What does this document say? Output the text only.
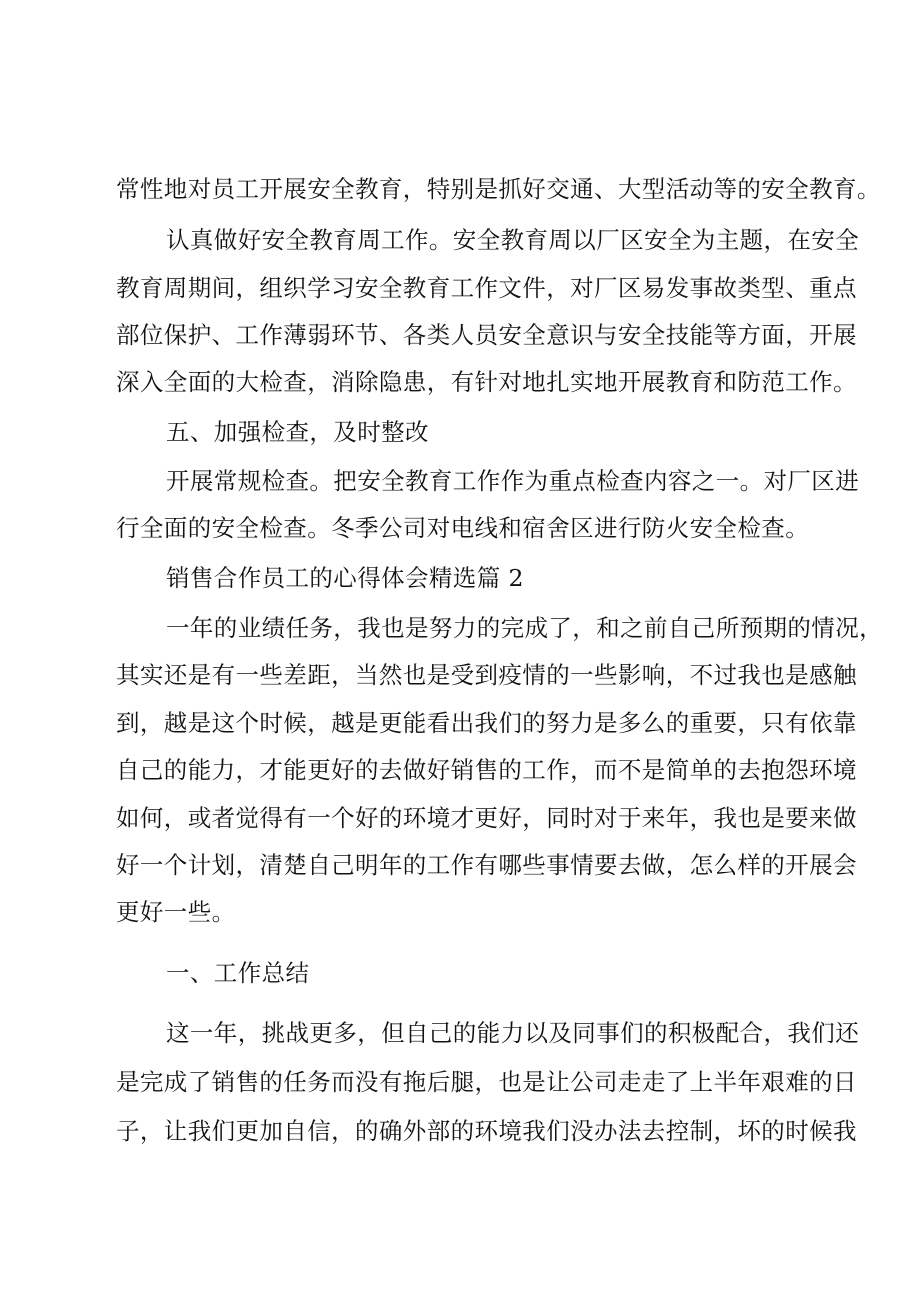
常性地对员工开展安全教育，特别是抓好交通、大型活动等的安全教育。
认真做好安全教育周工作。安全教育周以厂区安全为主题，在安全
教育周期间，组织学习安全教育工作文件，对厂区易发事故类型、重点
部位保护、工作薄弱环节、各类人员安全意识与安全技能等方面，开展
深入全面的大检查，消除隐患，有针对地扎实地开展教育和防范工作。
五、加强检查，及时整改
开展常规检查。把安全教育工作作为重点检查内容之一。对厂区进
行全面的安全检查。冬季公司对电线和宿舍区进行防火安全检查。
销售合作员工的心得体会精选篇 2
一年的业绩任务，我也是努力的完成了，和之前自己所预期的情况，
其实还是有一些差距，当然也是受到疫情的一些影响，不过我也是感触
到，越是这个时候，越是更能看出我们的努力是多么的重要，只有依靠
自己的能力，才能更好的去做好销售的工作，而不是简单的去抱怨环境
如何，或者觉得有一个好的环境才更好，同时对于来年，我也是要来做
好一个计划，清楚自己明年的工作有哪些事情要去做，怎么样的开展会
更好一些。
一、工作总结
这一年，挑战更多，但自己的能力以及同事们的积极配合，我们还
是完成了销售的任务而没有拖后腿，也是让公司走走了上半年艰难的日
子，让我们更加自信，的确外部的环境我们没办法去控制，坏的时候我
